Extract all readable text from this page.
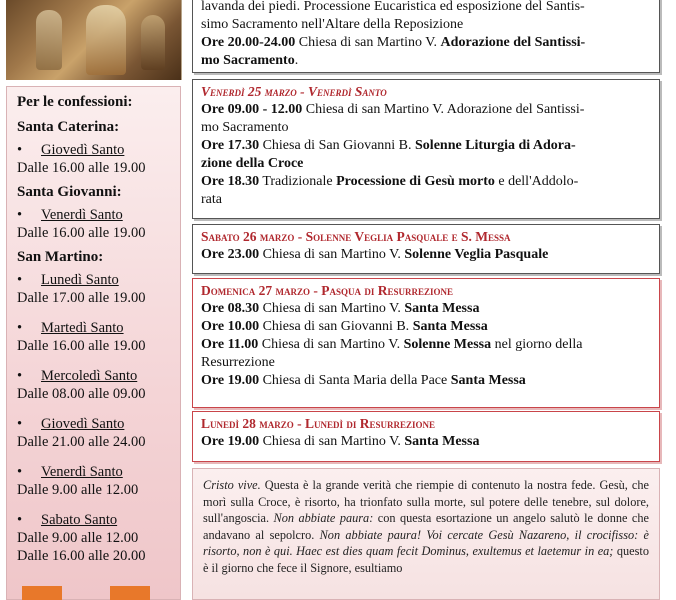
Per le confessioni:
Santa Caterina:
• Giovedì Santo
Dalle 16.00 alle 19.00
Santa Giovanni:
• Venerdì Santo
Dalle 16.00 alle 19.00
San Martino:
• Lunedì Santo
Dalle 17.00 alle 19.00
• Martedì Santo
Dalle 16.00 alle 19.00
• Mercoledì Santo
Dalle 08.00 alle 09.00
• Giovedì Santo
Dalle 21.00 alle 24.00
• Venerdì Santo
Dalle 9.00 alle 12.00
• Sabato Santo
Dalle 9.00 alle 12.00
Dalle 16.00 alle 20.00
lavanda dei piedi. Processione Eucaristica ed esposizione del Santis-
simo Sacramento nell'Altare della Reposizione
Ore 20.00-24.00 Chiesa di san Martino V. Adorazione del Santissi-
mo Sacramento.
Venerdì 25 marzo - Venerdì Santo
Ore 09.00 - 12.00 Chiesa di san Martino V. Adorazione del Santissi-
mo Sacramento
Ore 17.30 Chiesa di San Giovanni B. Solenne Liturgia di Adora-
zione della Croce
Ore 18.30 Tradizionale Processione di Gesù morto e dell'Addolo-
rata
Sabato 26 marzo - Solenne Veglia Pasquale e S. Messa
Ore 23.00 Chiesa di san Martino V. Solenne Veglia Pasquale
Domenica 27 marzo - Pasqua di Resurrezione
Ore 08.30 Chiesa di san Martino V. Santa Messa
Ore 10.00 Chiesa di san Giovanni B. Santa Messa
Ore 11.00 Chiesa di san Martino V. Solenne Messa nel giorno della
Resurrezione
Ore 19.00 Chiesa di Santa Maria della Pace Santa Messa
Lunedì 28 marzo - Lunedì di Resurrezione
Ore 19.00 Chiesa di san Martino V. Santa Messa
Cristo vive. Questa è la grande verità che riempie di contenuto la nostra fede. Gesù, che morì sulla Croce, è risorto, ha trionfato sulla morte, sul potere delle tenebre, sul dolore, sull'angoscia. Non abbiate paura: con questa esortazione un angelo salutò le donne che andavano al sepolcro. Non abbiate paura! Voi cercate Gesù Nazareno, il crocifisso: è risorto, non è qui. Haec est dies quam fecit Dominus, exultemus et laetemur in ea; questo è il giorno che fece il Signore, esultiamo
